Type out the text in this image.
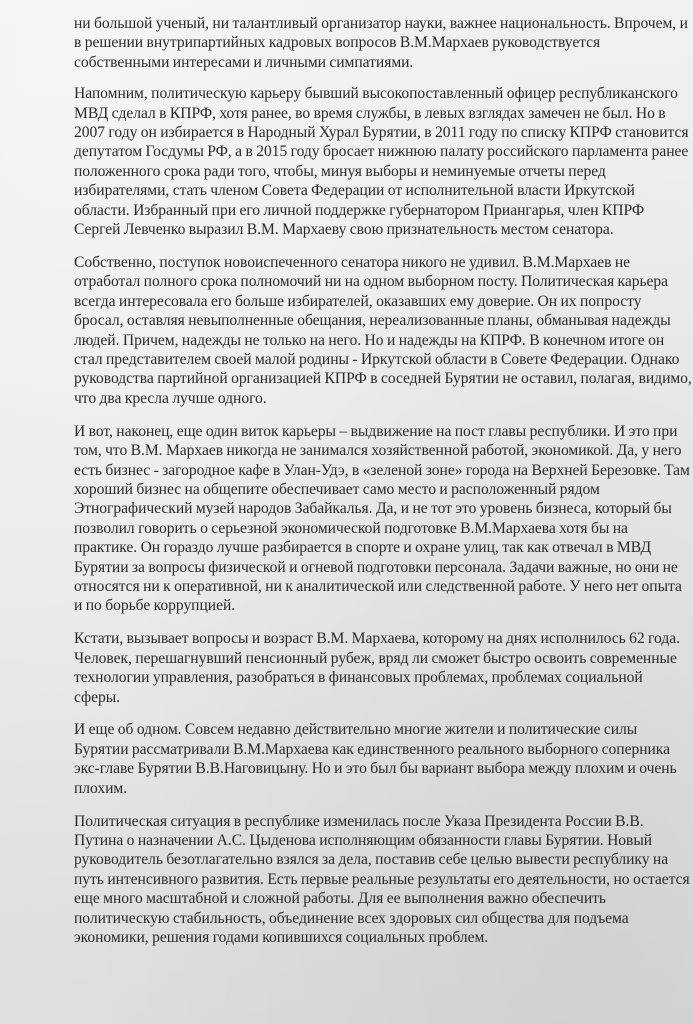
ни большой ученый, ни талантливый организатор науки, важнее национальность. Впрочем, и в решении внутрипартийных кадровых вопросов В.М.Мархаев руководствуется собственными интересами и личными симпатиями.

Напомним, политическую карьеру бывший высокопоставленный офицер республиканского МВД сделал в КПРФ, хотя ранее, во время службы, в левых взглядах замечен не был. Но в 2007 году он избирается в Народный Хурал Бурятии, в 2011 году по списку КПРФ становится депутатом Госдумы РФ, а в 2015 году бросает нижнюю палату российского парламента ранее положенного срока ради того, чтобы, минуя выборы и неминуемые отчеты перед избирателями, стать членом Совета Федерации от исполнительной власти Иркутской области. Избранный при его личной поддержке губернатором Приангарья, член КПРФ Сергей Левченко выразил В.М. Мархаеву свою признательность местом сенатора.

Собственно, поступок новоиспеченного сенатора никого не удивил. В.М.Мархаев не отработал полного срока полномочий ни на одном выборном посту. Политическая карьера всегда интересовала его больше избирателей, оказавших ему доверие. Он их попросту бросал, оставляя невыполненные обещания, нереализованные планы, обманывая надежды людей. Причем, надежды не только на него. Но и надежды на КПРФ. В конечном итоге он стал представителем своей малой родины - Иркутской области в Совете Федерации. Однако руководства партийной организацией КПРФ в соседней Бурятии не оставил, полагая, видимо, что два кресла лучше одного.

И вот, наконец, еще один виток карьеры – выдвижение на пост главы республики. И это при том, что В.М. Мархаев никогда не занимался хозяйственной работой, экономикой. Да, у него есть бизнес - загородное кафе в Улан-Удэ, в «зеленой зоне» города на Верхней Березовке. Там хороший бизнес на общепите обеспечивает само место и расположенный рядом Этнографический музей народов Забайкалья. Да, и не тот это уровень бизнеса, который бы позволил говорить о серьезной экономической подготовке В.М.Мархаева хотя бы на практике. Он гораздо лучше разбирается в спорте и охране улиц, так как отвечал в МВД Бурятии за вопросы физической и огневой подготовки персонала. Задачи важные, но они не относятся ни к оперативной, ни к аналитической или следственной работе. У него нет опыта и по борьбе коррупцией.

Кстати, вызывает вопросы и возраст В.М. Мархаева, которому на днях исполнилось 62 года. Человек, перешагнувший пенсионный рубеж, вряд ли сможет быстро освоить современные технологии управления, разобраться в финансовых проблемах, проблемах социальной сферы.

И еще об одном. Совсем недавно действительно многие жители и политические силы Бурятии рассматривали В.М.Мархаева как единственного реального выборного соперника экс-главе Бурятии В.В.Наговицыну. Но и это был бы вариант выбора между плохим и очень плохим.

Политическая ситуация в республике изменилась после Указа Президента России В.В. Путина о назначении А.С. Цыденова исполняющим обязанности главы Бурятии. Новый руководитель безотлагательно взялся за дела, поставив себе целью вывести республику на путь интенсивного развития. Есть первые реальные результаты его деятельности, но остается еще много масштабной и сложной работы. Для ее выполнения важно обеспечить политическую стабильность, объединение всех здоровых сил общества для подъема экономики, решения годами копившихся социальных проблем.
